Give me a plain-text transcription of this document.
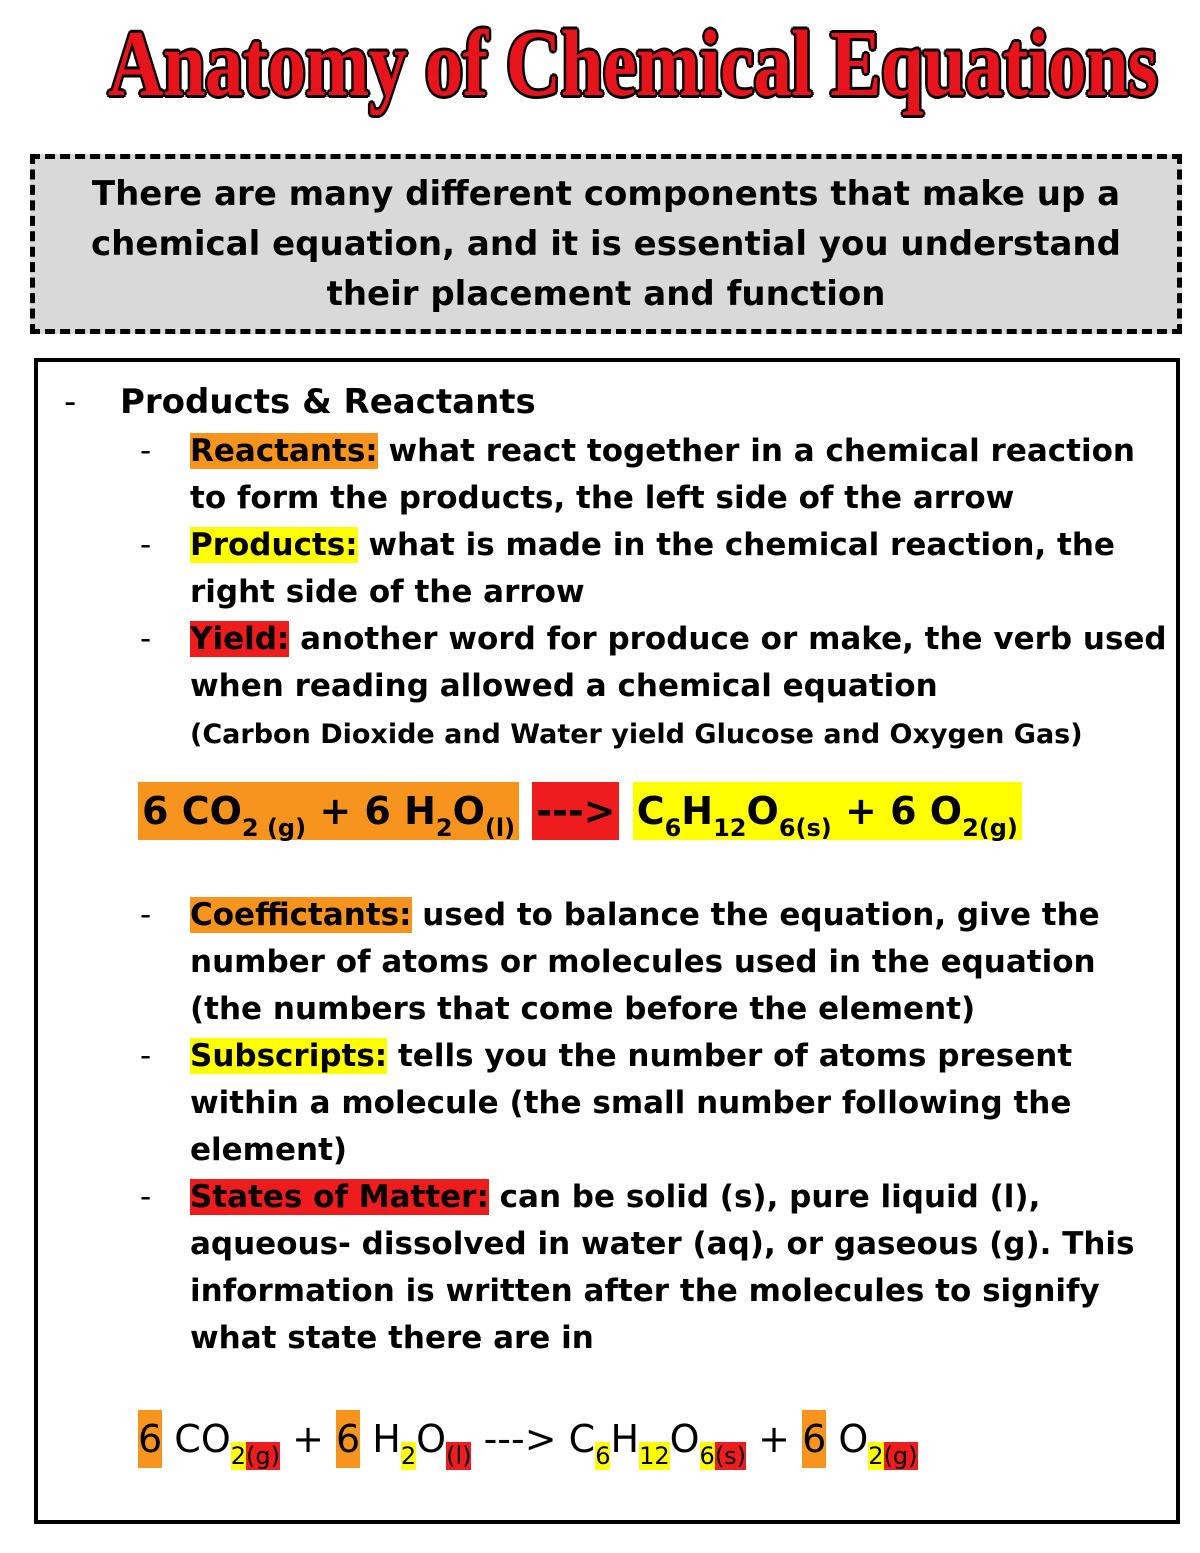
Anatomy of Chemical Equations
There are many different components that make up a chemical equation, and it is essential you understand their placement and function
- Products & Reactants
- Reactants: what react together in a chemical reaction to form the products, the left side of the arrow
- Products: what is made in the chemical reaction, the right side of the arrow
- Yield: another word for produce or make, the verb used when reading allowed a chemical equation
(Carbon Dioxide and Water yield Glucose and Oxygen Gas)
6 $CO_{2 (g)} + 6$ $H_2O_{(l)}$ ---> $C_6H_{12}O_{6(s)} + 6$ $O_{2(g)}$
- Coeffictants: used to balance the equation, give the number of atoms or molecules used in the equation (the numbers that come before the element)
- Subscripts: tells you the number of atoms present within a molecule (the small number following the element)
- States of Matter: can be solid (s), pure liquid (l), aqueous- dissolved in water (aq), or gaseous (g). This information is written after the molecules to signify what state there are in
6 $CO_{2(g)} + 6$ $H_2O_{(l)}$ ---> $C_6H_{12}O_{6(s)} + 6$ $O_{2(g)}$
